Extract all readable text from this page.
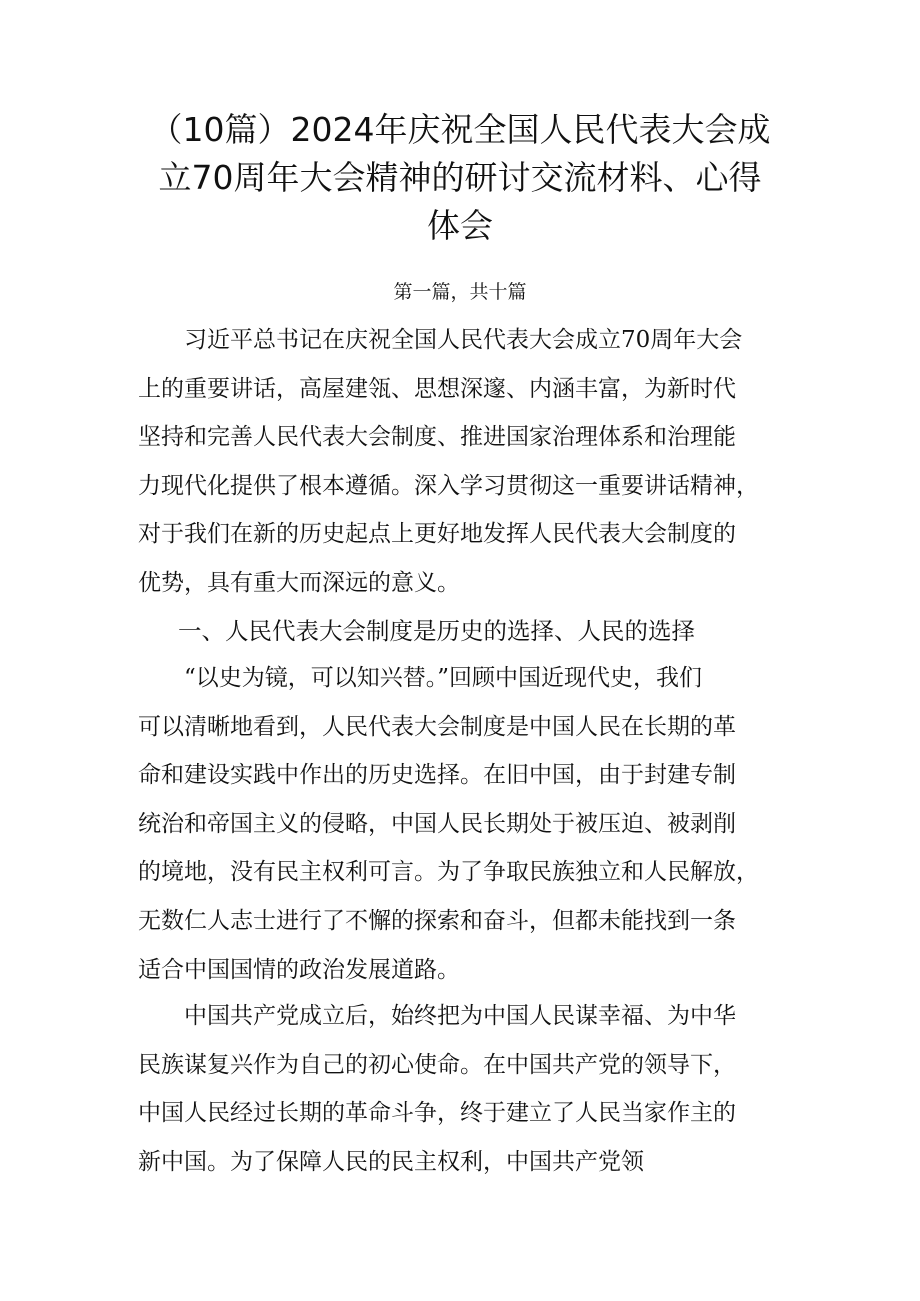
（10篇）2024年庆祝全国人民代表大会成
立70周年大会精神的研讨交流材料、心得
体会
第一篇，共十篇
习近平总书记在庆祝全国人民代表大会成立70周年大会
上的重要讲话，高屋建瓴、思想深邃、内涵丰富，为新时代
坚持和完善人民代表大会制度、推进国家治理体系和治理能
力现代化提供了根本遵循。深入学习贯彻这一重要讲话精神，
对于我们在新的历史起点上更好地发挥人民代表大会制度的
优势，具有重大而深远的意义。
一、人民代表大会制度是历史的选择、人民的选择
“以史为镜，可以知兴替。”回顾中国近现代史，我们
可以清晰地看到，人民代表大会制度是中国人民在长期的革
命和建设实践中作出的历史选择。在旧中国，由于封建专制
统治和帝国主义的侵略，中国人民长期处于被压迫、被剥削
的境地，没有民主权利可言。为了争取民族独立和人民解放，
无数仁人志士进行了不懈的探索和奋斗，但都未能找到一条
适合中国国情的政治发展道路。
中国共产党成立后，始终把为中国人民谋幸福、为中华
民族谋复兴作为自己的初心使命。在中国共产党的领导下，
中国人民经过长期的革命斗争，终于建立了人民当家作主的
新中国。为了保障人民的民主权利，中国共产党领
